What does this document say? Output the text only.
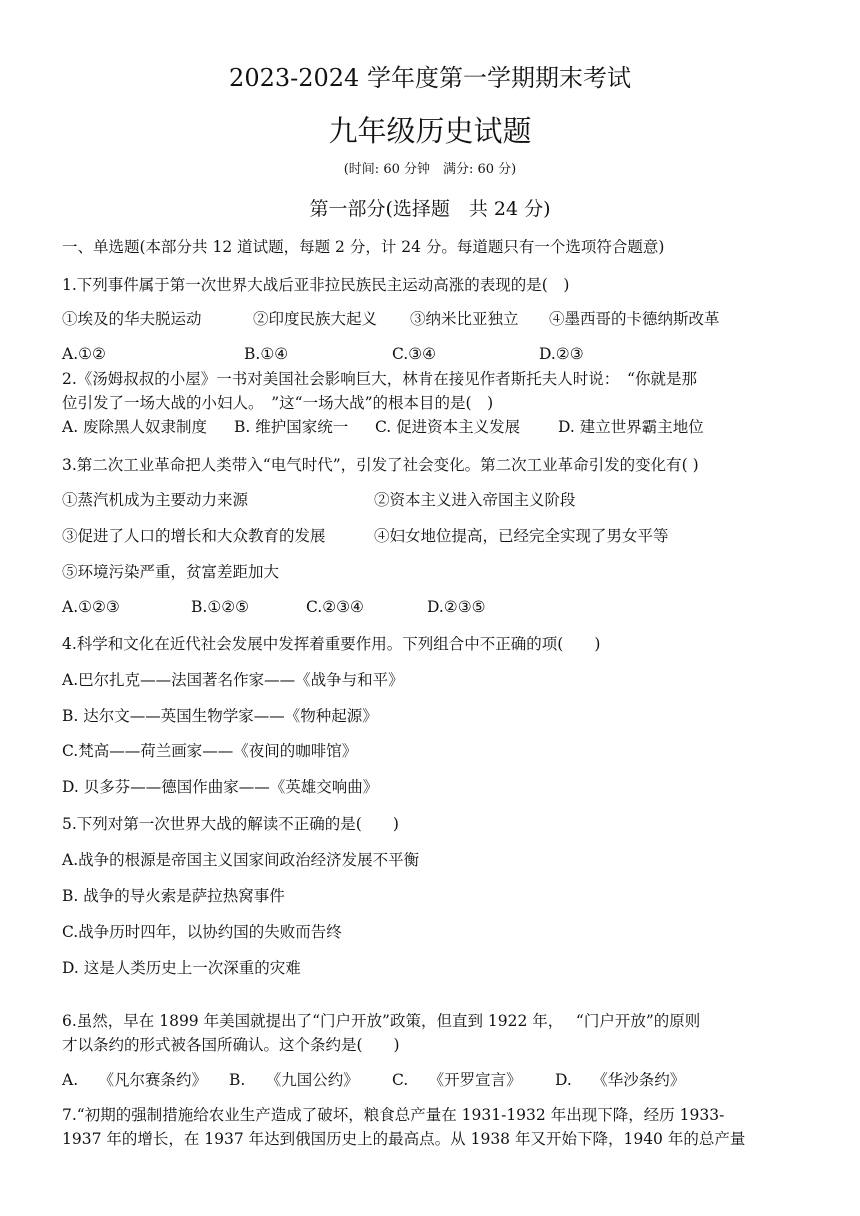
2023-2024 学年度第一学期期末考试
九年级历史试题
(时间: 60 分钟　满分: 60 分)
第一部分(选择题　共 24 分)
一、单选题(本部分共 12 道试题，每题 2 分，计 24 分。每道题只有一个选项符合题意)
1.下列事件属于第一次世界大战后亚非拉民族民主运动高涨的表现的是(　)
①埃及的华夫脱运动	②印度民族大起义 ③纳米比亚独立 ④墨西哥的卡德纳斯改革
A.①②	B.①④	C.③④	D.②③
2.《汤姆叔叔的小屋》一书对美国社会影响巨大，林肯在接见作者斯托夫人时说：　“你就是那
位引发了一场大战的小妇人。　”这“一场大战”的根本目的是(　)
A. 废除黑人奴隶制度 B. 维护国家统一 C. 促进资本主义发展 D. 建立世界霸主地位
3.第二次工业革命把人类带入“电气时代”，引发了社会变化。第二次工业革命引发的变化有( )
①蒸汽机成为主要动力来源	②资本主义进入帝国主义阶段
③促进了人口的增长和大众教育的发展	④妇女地位提高，已经完全实现了男女平等
⑤环境污染严重，贫富差距加大
A.①②③	B.①②⑤	C.②③④	D.②③⑤
4.科学和文化在近代社会发展中发挥着重要作用。下列组合中不正确的项(　　)
A.巴尔扎克——法国著名作家——《战争与和平》
B. 达尔文——英国生物学家——《物种起源》
C.梵高——荷兰画家——《夜间的咖啡馆》
D. 贝多芬——德国作曲家——《英雄交响曲》
5.下列对第一次世界大战的解读不正确的是(　　)
A.战争的根源是帝国主义国家间政治经济发展不平衡
B. 战争的导火索是萨拉热窝事件
C.战争历时四年，以协约国的失败而告终
D. 这是人类历史上一次深重的灾难
6.虽然，早在 1899 年美国就提出了“门户开放”政策，但直到 1922 年，　 “门户开放”的原则
才以条约的形式被各国所确认。这个条约是(　　)
A.　 《凡尔赛条约》 B.　 《九国公约》 C.　 《开罗宣言》 D.　 《华沙条约》
7.“初期的强制措施给农业生产造成了破坏，粮食总产量在 1931-1932 年出现下降，经历 1933-
1937 年的增长，在 1937 年达到俄国历史上的最高点。从 1938 年又开始下降，1940 年的总产量
